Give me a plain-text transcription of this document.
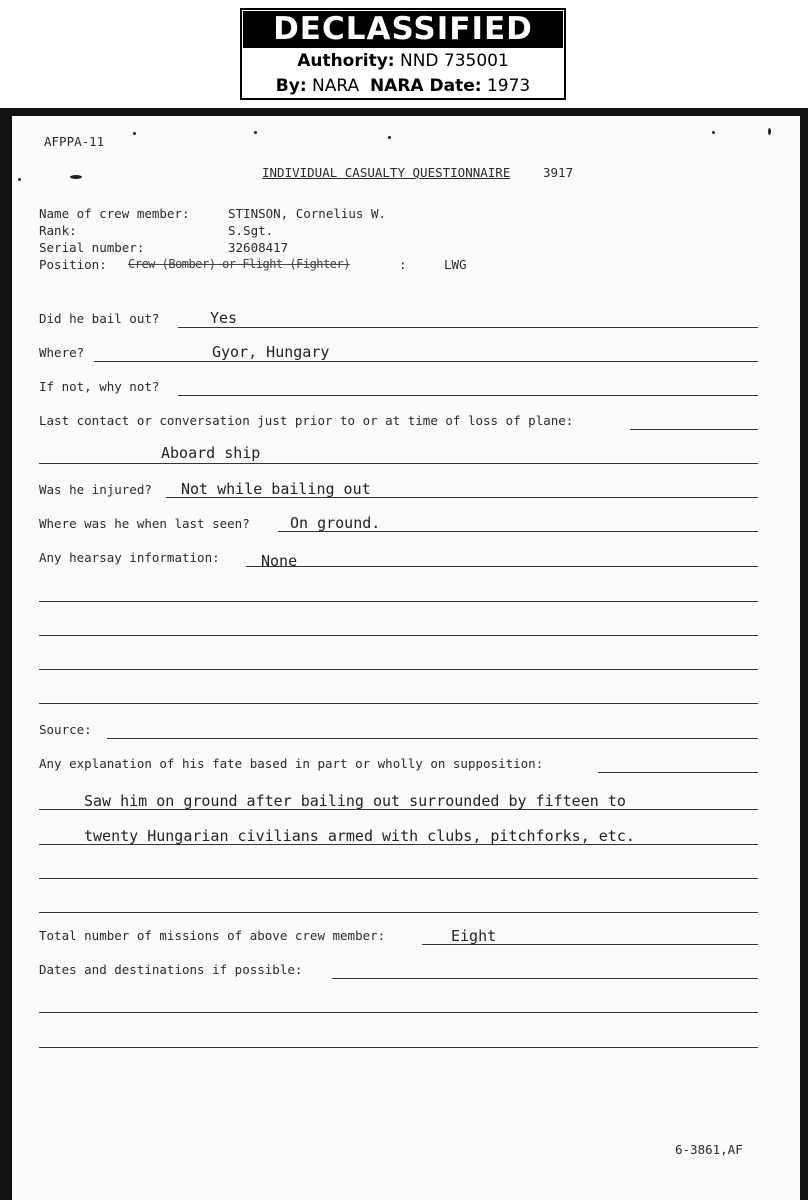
DECLASSIFIED
Authority: NND 735001
By: NARA NARA Date: 1973
AFPPA-11
INDIVIDUAL CASUALTY QUESTIONNAIRE	3917
Name of crew member:	STINSON, Cornelius W.
Rank:	S.Sgt.
Serial number:	32608417
Position: Crew (Bomber) or Flight (Fighter)	:	LWG
Did he bail out?	Yes
Where?	Gyor, Hungary
If not, why not?
Last contact or conversation just prior to or at time of loss of plane:
Aboard ship
Was he injured? Not while bailing out
Where was he when last seen?	On ground.
Any hearsay information:	None
Source:
Any explanation of his fate based in part or wholly on supposition:
Saw him on ground after bailing out surrounded by fifteen to
twenty Hungarian civilians armed with clubs, pitchforks, etc.
Total number of missions of above crew member:	Eight
Dates and destinations if possible:
6-3861,AF
